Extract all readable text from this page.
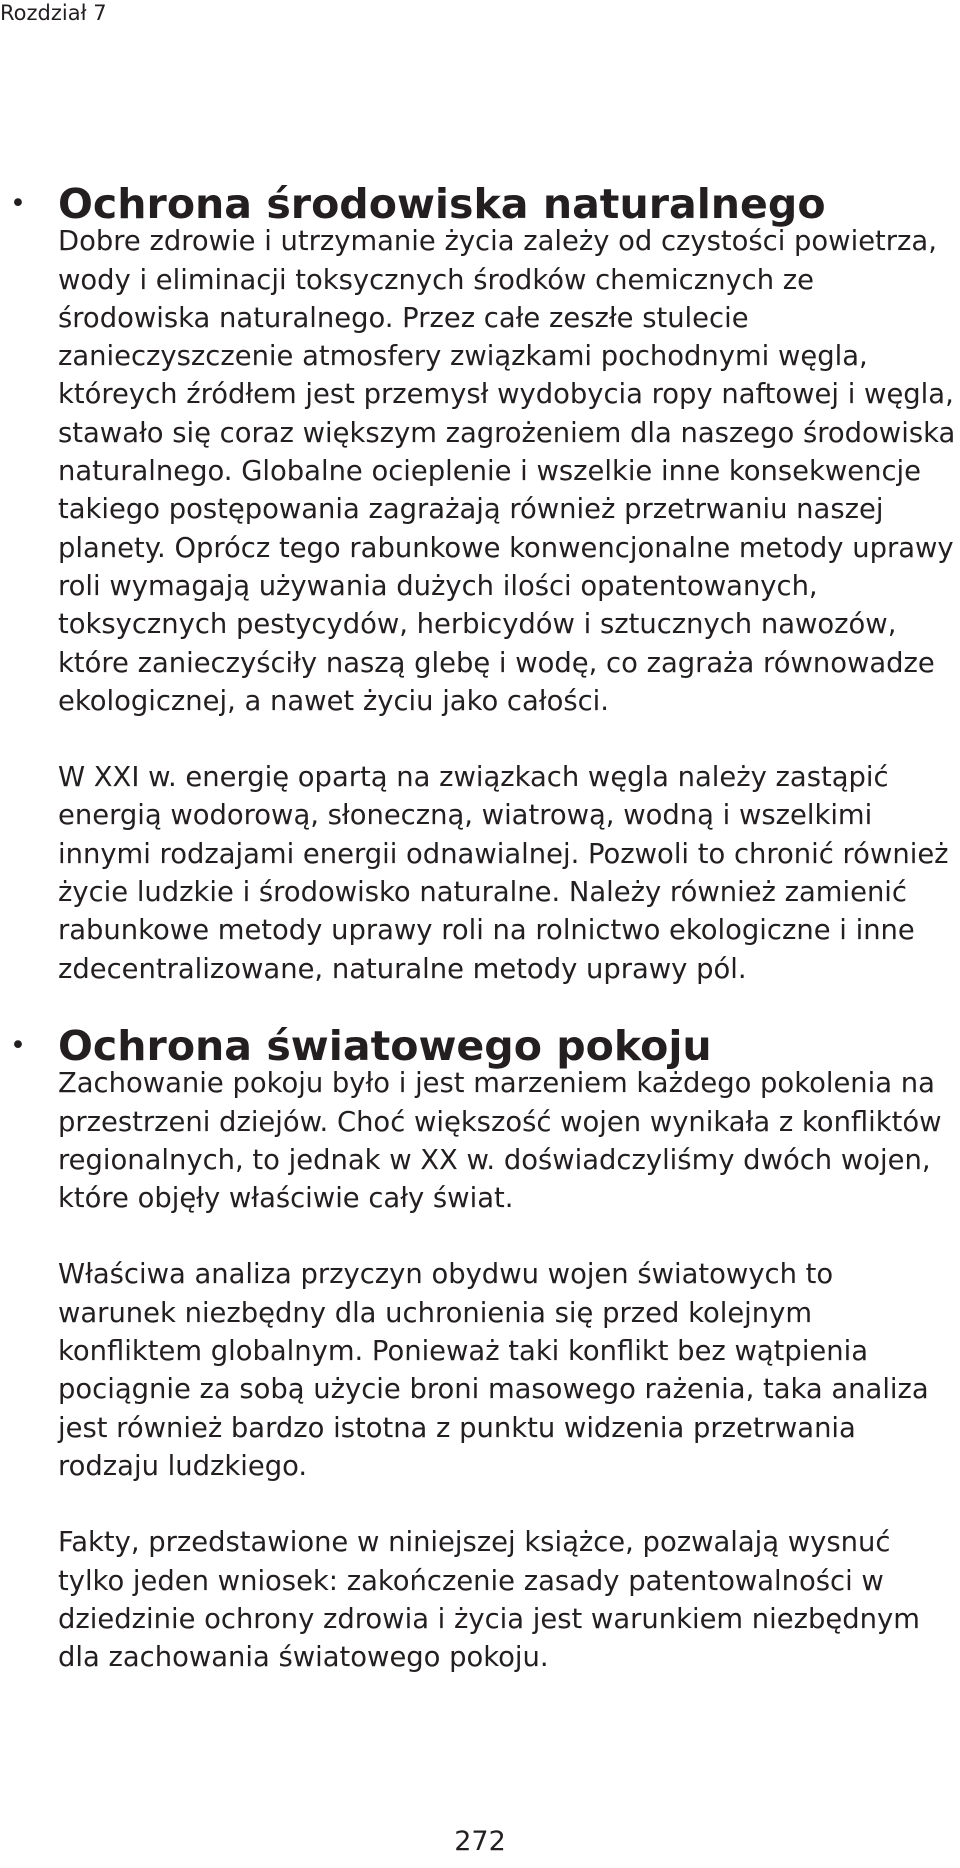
Rozdział 7
• Ochrona środowiska naturalnego

Dobre zdrowie i utrzymanie życia zależy od czystości powietrza, wody i eliminacji toksycznych środków chemicznych ze środowiska naturalnego. Przez całe zeszłe stulecie zanieczyszczenie atmosfery związkami pochodnymi węgla, któreych źródłem jest przemysł wydobycia ropy naftowej i węgla, stawało się coraz większym zagrożeniem dla naszego środowiska naturalnego. Globalne ocieplenie i wszelkie inne konsekwencje takiego postępowania zagrażają również przetrwaniu naszej planety. Oprócz tego rabunkowe konwencjonalne metody uprawy roli wymagają używania dużych ilości opatentowanych, toksycznych pestycydów, herbicydów i sztucznych nawozów, które zanieczyściły naszą glebę i wodę, co zagraża równowadze ekologicznej, a nawet życiu jako całości.

W XXI w. energię opartą na związkach węgla należy zastąpić energią wodorową, słoneczną, wiatrową, wodną i wszelkimi innymi rodzajami energii odnawialnej. Pozwoli to chronić również życie ludzkie i środowisko naturalne. Należy również zamienić rabunkowe metody uprawy roli na rolnictwo ekologiczne i inne zdecentralizowane, naturalne metody uprawy pól.

• Ochrona światowego pokoju

Zachowanie pokoju było i jest marzeniem każdego pokolenia na przestrzeni dziejów. Choć większość wojen wynikała z konfliktów regionalnych, to jednak w XX w. doświadczyliśmy dwóch wojen, które objęły właściwie cały świat.

Właściwa analiza przyczyn obydwu wojen światowych to warunek niezbędny dla uchronienia się przed kolejnym konfliktem globalnym. Ponieważ taki konflikt bez wątpienia pociągnie za sobą użycie broni masowego rażenia, taka analiza jest również bardzo istotna z punktu widzenia przetrwania rodzaju ludzkiego.

Fakty, przedstawione w niniejszej książce, pozwalają wysnuć tylko jeden wniosek: zakończenie zasady patentowalności w dziedzinie ochrony zdrowia i życia jest warunkiem niezbędnym dla zachowania światowego pokoju.

272
